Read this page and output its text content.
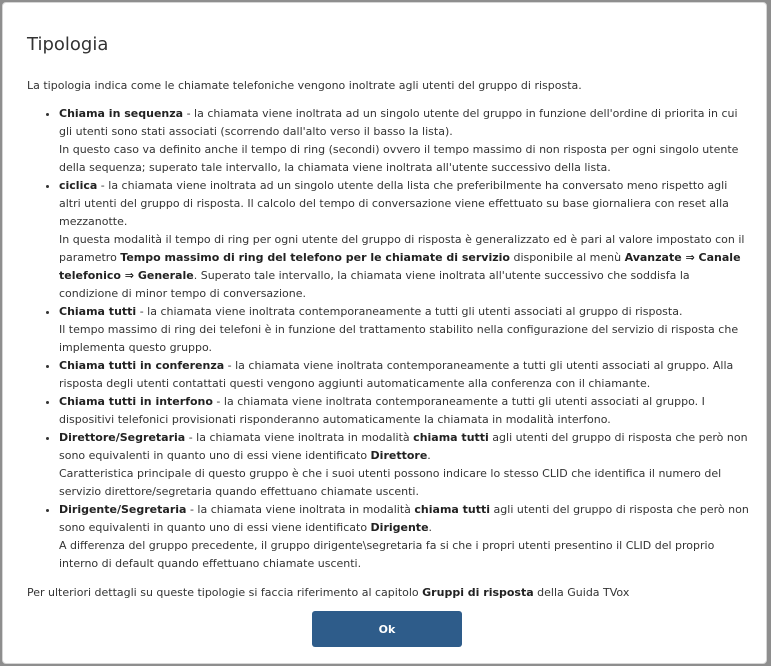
Tipologia

La tipologia indica come le chiamate telefoniche vengono inoltrate agli utenti del gruppo di risposta.

• Chiama in sequenza - la chiamata viene inoltrata ad un singolo utente del gruppo in funzione dell'ordine di priorita in cui gli utenti sono stati associati (scorrendo dall'alto verso il basso la lista).
In questo caso va definito anche il tempo di ring (secondi) ovvero il tempo massimo di non risposta per ogni singolo utente della sequenza; superato tale intervallo, la chiamata viene inoltrata all'utente successivo della lista.
• ciclica - la chiamata viene inoltrata ad un singolo utente della lista che preferibilmente ha conversato meno rispetto agli altri utenti del gruppo di risposta. Il calcolo del tempo di conversazione viene effettuato su base giornaliera con reset alla mezzanotte.
In questa modalità il tempo di ring per ogni utente del gruppo di risposta è generalizzato ed è pari al valore impostato con il parametro Tempo massimo di ring del telefono per le chiamate di servizio disponibile al menù Avanzate ⇒ Canale telefonico ⇒ Generale. Superato tale intervallo, la chiamata viene inoltrata all'utente successivo che soddisfa la condizione di minor tempo di conversazione.
• Chiama tutti - la chiamata viene inoltrata contemporaneamente a tutti gli utenti associati al gruppo di risposta.
Il tempo massimo di ring dei telefoni è in funzione del trattamento stabilito nella configurazione del servizio di risposta che implementa questo gruppo.
• Chiama tutti in conferenza - la chiamata viene inoltrata contemporaneamente a tutti gli utenti associati al gruppo. Alla risposta degli utenti contattati questi vengono aggiunti automaticamente alla conferenza con il chiamante.
• Chiama tutti in interfono - la chiamata viene inoltrata contemporaneamente a tutti gli utenti associati al gruppo. I dispositivi telefonici provisionati risponderanno automaticamente la chiamata in modalità interfono.
• Direttore/Segretaria - la chiamata viene inoltrata in modalità chiama tutti agli utenti del gruppo di risposta che però non sono equivalenti in quanto uno di essi viene identificato Direttore.
Caratteristica principale di questo gruppo è che i suoi utenti possono indicare lo stesso CLID che identifica il numero del servizio direttore/segretaria quando effettuano chiamate uscenti.
• Dirigente/Segretaria - la chiamata viene inoltrata in modalità chiama tutti agli utenti del gruppo di risposta che però non sono equivalenti in quanto uno di essi viene identificato Dirigente.
A differenza del gruppo precedente, il gruppo dirigente\segretaria fa si che i propri utenti presentino il CLID del proprio interno di default quando effettuano chiamate uscenti.

Per ulteriori dettagli su queste tipologie si faccia riferimento al capitolo Gruppi di risposta della Guida TVox

Ok
